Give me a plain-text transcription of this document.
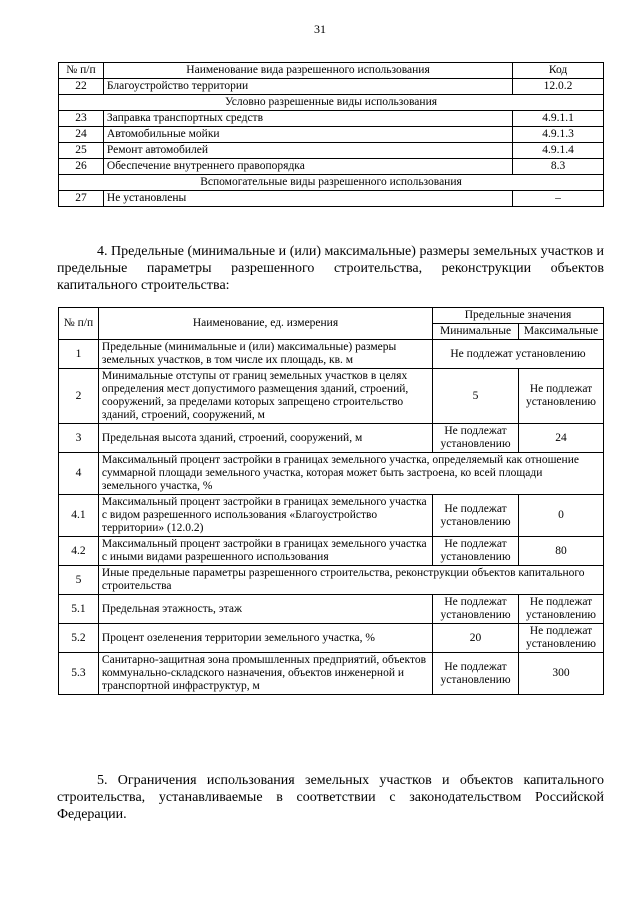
31
№ п/п	Наименование вида разрешенного использования	Код
22	Благоустройство территории	12.0.2
Условно разрешенные виды использования		
23	Заправка транспортных средств	4.9.1.1
24	Автомобильные мойки	4.9.1.3
25	Ремонт автомобилей	4.9.1.4
26	Обеспечение внутреннего правопорядка	8.3
Вспомогательные виды разрешенного использования		
27	Не установлены	–
4. Предельные (минимальные и (или) максимальные) размеры земельных участков и предельные параметры разрешенного строительства, реконструкции объектов капитального строительства:
№ п/п	Наименование, ед. измерения	Предельные значения	
		Минимальные	Максимальные
1	Предельные (минимальные и (или) максимальные) размеры земельных участков, в том числе их площадь, кв. м	Не подлежат установлению	
2	Минимальные отступы от границ земельных участков в целях определения мест допустимого размещения зданий, строений, сооружений, за пределами которых запрещено строительство зданий, строений, сооружений, м	5	Не подлежат установлению
3	Предельная высота зданий, строений, сооружений, м	Не подлежат установлению	24
4	Максимальный процент застройки в границах земельного участка, определяемый как отношение суммарной площади земельного участка, которая может быть застроена, ко всей площади земельного участка, %		
4.1	Максимальный процент застройки в границах земельного участка с видом разрешенного использования «Благоустройство территории» (12.0.2)	Не подлежат установлению	0
4.2	Максимальный процент застройки в границах земельного участка с иными видами разрешенного использования	Не подлежат установлению	80
5	Иные предельные параметры разрешенного строительства, реконструкции объектов капитального строительства		
5.1	Предельная этажность, этаж	Не подлежат установлению	Не подлежат установлению
5.2	Процент озеленения территории земельного участка, %	20	Не подлежат установлению
5.3	Санитарно-защитная зона промышленных предприятий, объектов коммунально-складского назначения, объектов инженерной и транспортной инфраструктур, м	Не подлежат установлению	300
5. Ограничения использования земельных участков и объектов капитального строительства, устанавливаемые в соответствии с законодательством Российской Федерации.
